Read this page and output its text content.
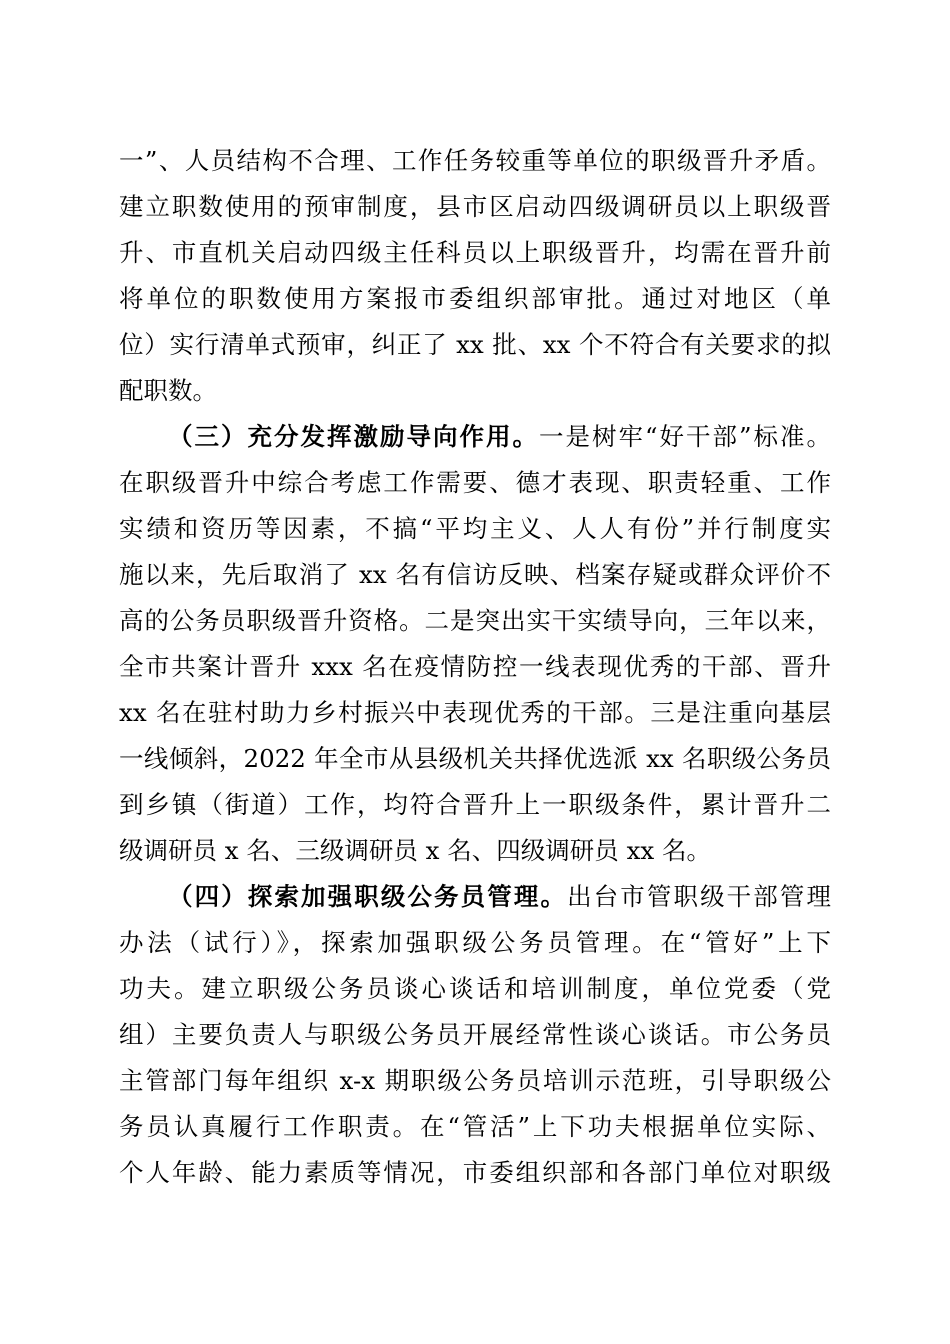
一”、人员结构不合理、工作任务较重等单位的职级晋升矛盾。
建立职数使用的预审制度，县市区启动四级调研员以上职级晋
升、市直机关启动四级主任科员以上职级晋升，均需在晋升前
将单位的职数使用方案报市委组织部审批。通过对地区（单
位）实行清单式预审，纠正了 xx 批、xx 个不符合有关要求的拟
配职数。
（三）充分发挥激励导向作用。一是树牢“好干部”标准。
在职级晋升中综合考虑工作需要、德才表现、职责轻重、工作
实绩和资历等因素，不搞“平均主义、人人有份”并行制度实
施以来，先后取消了 xx 名有信访反映、档案存疑或群众评价不
高的公务员职级晋升资格。二是突出实干实绩导向，三年以来，
全市共案计晋升 xxx 名在疫情防控一线表现优秀的干部、晋升
xx 名在驻村助力乡村振兴中表现优秀的干部。三是注重向基层
一线倾斜，2022 年全市从县级机关共择优选派 xx 名职级公务员
到乡镇（街道）工作，均符合晋升上一职级条件，累计晋升二
级调研员 x 名、三级调研员 x 名、四级调研员 xx 名。
（四）探索加强职级公务员管理。出台市管职级干部管理
办法（试行）》，探索加强职级公务员管理。在“管好”上下
功夫。建立职级公务员谈心谈话和培训制度，单位党委（党
组）主要负责人与职级公务员开展经常性谈心谈话。市公务员
主管部门每年组织 x-x 期职级公务员培训示范班，引导职级公
务员认真履行工作职责。在“管活”上下功夫根据单位实际、
个人年龄、能力素质等情况，市委组织部和各部门单位对职级
